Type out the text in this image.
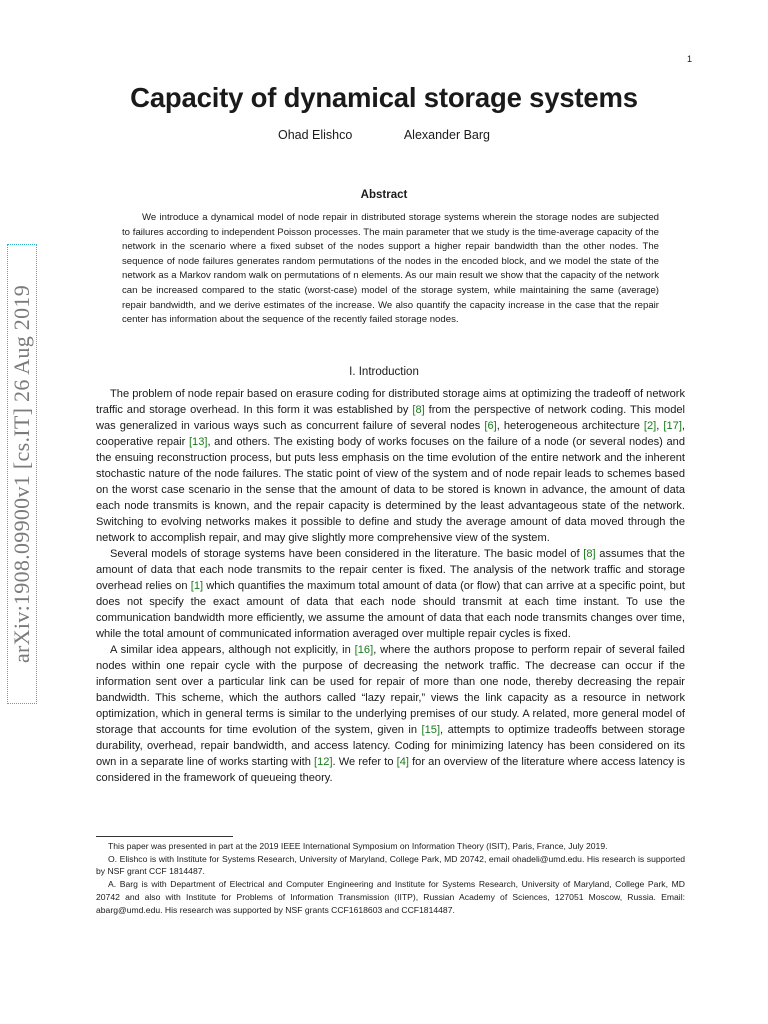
1
arXiv:1908.09900v1 [cs.IT] 26 Aug 2019
Capacity of dynamical storage systems
Ohad Elishco	Alexander Barg
Abstract

We introduce a dynamical model of node repair in distributed storage systems wherein the storage nodes are subjected to failures according to independent Poisson processes. The main parameter that we study is the time-average capacity of the network in the scenario where a fixed subset of the nodes support a higher repair bandwidth than the other nodes. The sequence of node failures generates random permutations of the nodes in the encoded block, and we model the state of the network as a Markov random walk on permutations of n elements. As our main result we show that the capacity of the network can be increased compared to the static (worst-case) model of the storage system, while maintaining the same (average) repair bandwidth, and we derive estimates of the increase. We also quantify the capacity increase in the case that the repair center has information about the sequence of the recently failed storage nodes.

I. Introduction

The problem of node repair based on erasure coding for distributed storage aims at optimizing the tradeoff of network traffic and storage overhead. In this form it was established by [8] from the perspective of network coding. This model was generalized in various ways such as concurrent failure of several nodes [6], heterogeneous architecture [2], [17], cooperative repair [13], and others. The existing body of works focuses on the failure of a node (or several nodes) and the ensuing reconstruction process, but puts less emphasis on the time evolution of the entire network and the inherent stochastic nature of the node failures. The static point of view of the system and of node repair leads to schemes based on the worst case scenario in the sense that the amount of data to be stored is known in advance, the amount of data each node transmits is known, and the repair capacity is determined by the least advantageous state of the network. Switching to evolving networks makes it possible to define and study the average amount of data moved through the network to accomplish repair, and may give slightly more comprehensive view of the system.

Several models of storage systems have been considered in the literature. The basic model of [8] assumes that the amount of data that each node transmits to the repair center is fixed. The analysis of the network traffic and storage overhead relies on [1] which quantifies the maximum total amount of data (or flow) that can arrive at a specific point, but does not specify the exact amount of data that each node should transmit at each time instant. To use the communication bandwidth more efficiently, we assume the amount of data that each node transmits changes over time, while the total amount of communicated information averaged over multiple repair cycles is fixed.

A similar idea appears, although not explicitly, in [16], where the authors propose to perform repair of several failed nodes within one repair cycle with the purpose of decreasing the network traffic. The decrease can occur if the information sent over a particular link can be used for repair of more than one node, thereby decreasing the repair bandwidth. This scheme, which the authors called “lazy repair,” views the link capacity as a resource in network optimization, which in general terms is similar to the underlying premises of our study. A related, more general model of storage that accounts for time evolution of the system, given in [15], attempts to optimize tradeoffs between storage durability, overhead, repair bandwidth, and access latency. Coding for minimizing latency has been considered on its own in a separate line of works starting with [12]. We refer to [4] for an overview of the literature where access latency is considered in the framework of queueing theory.

This paper was presented in part at the 2019 IEEE International Symposium on Information Theory (ISIT), Paris, France, July 2019.

O. Elishco is with Institute for Systems Research, University of Maryland, College Park, MD 20742, email ohadeli@umd.edu. His research is supported by NSF grant CCF 1814487.

A. Barg is with Department of Electrical and Computer Engineering and Institute for Systems Research, University of Maryland, College Park, MD 20742 and also with Institute for Problems of Information Transmission (IITP), Russian Academy of Sciences, 127051 Moscow, Russia. Email: abarg@umd.edu. His research was supported by NSF grants CCF1618603 and CCF1814487.
